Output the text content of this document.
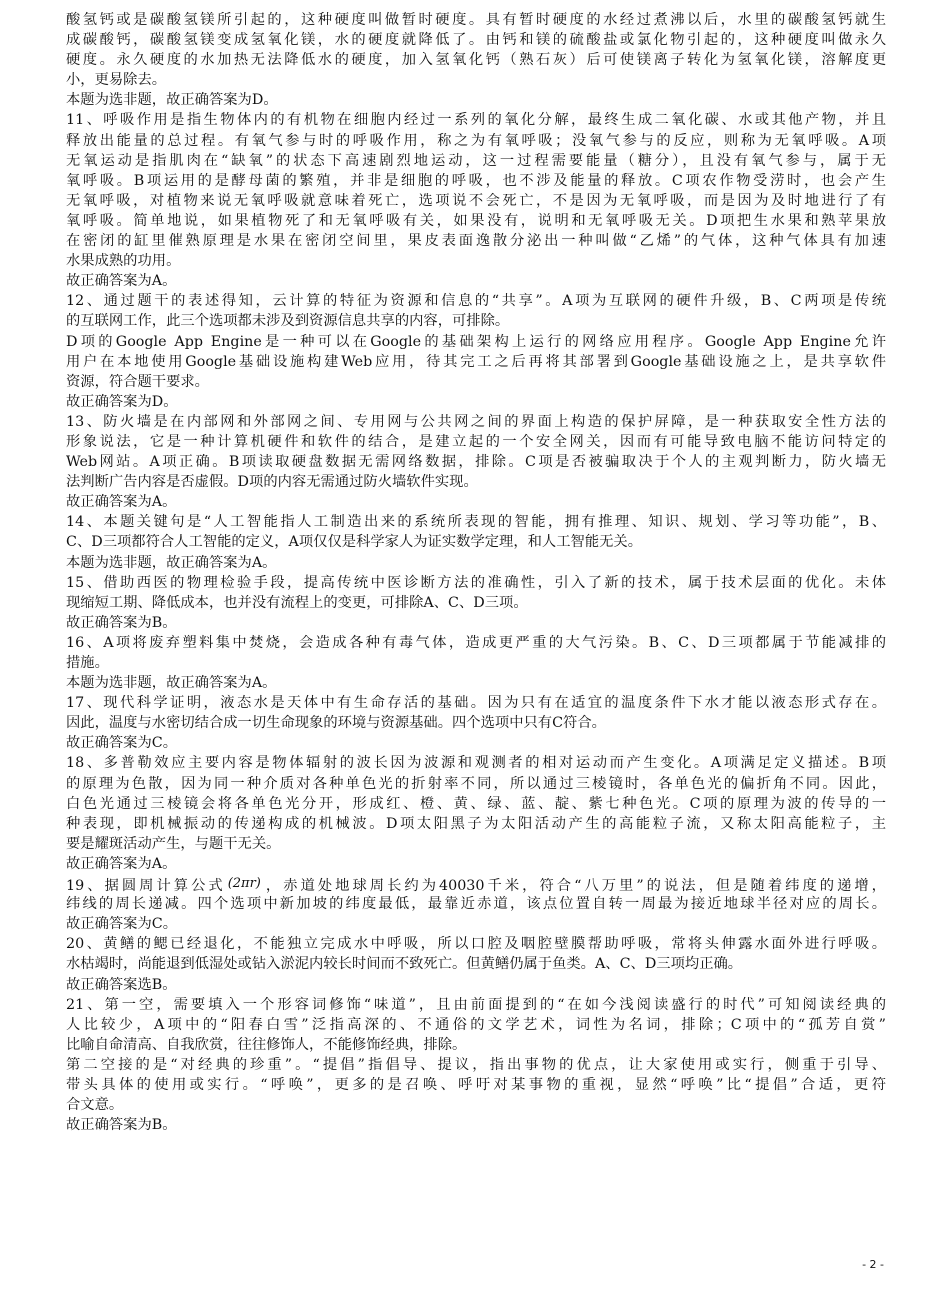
酸氢钙或是碳酸氢镁所引起的，这种硬度叫做暂时硬度。具有暂时硬度的水经过煮沸以后，水里的碳酸氢钙就生
成碳酸钙，碳酸氢镁变成氢氧化镁，水的硬度就降低了。由钙和镁的硫酸盐或氯化物引起的，这种硬度叫做永久
硬度。永久硬度的水加热无法降低水的硬度，加入氢氧化钙（熟石灰）后可使镁离子转化为氢氧化镁，溶解度更
小，更易除去。
本题为选非题，故正确答案为D。
11、呼吸作用是指生物体内的有机物在细胞内经过一系列的氧化分解，最终生成二氧化碳、水或其他产物，并且
释放出能量的总过程。有氧气参与时的呼吸作用，称之为有氧呼吸；没氧气参与的反应，则称为无氧呼吸。A项
无氧运动是指肌肉在“缺氧”的状态下高速剧烈地运动，这一过程需要能量（糖分），且没有氧气参与，属于无
氧呼吸。B项运用的是酵母菌的繁殖，并非是细胞的呼吸，也不涉及能量的释放。C项农作物受涝时，也会产生
无氧呼吸，对植物来说无氧呼吸就意味着死亡，选项说不会死亡，不是因为无氧呼吸，而是因为及时地进行了有
氧呼吸。简单地说，如果植物死了和无氧呼吸有关，如果没有，说明和无氧呼吸无关。D项把生水果和熟苹果放
在密闭的缸里催熟原理是水果在密闭空间里，果皮表面逸散分泌出一种叫做“乙烯”的气体，这种气体具有加速
水果成熟的功用。
故正确答案为A。
12、通过题干的表述得知，云计算的特征为资源和信息的“共享”。A项为互联网的硬件升级，B、C两项是传统
的互联网工作，此三个选项都未涉及到资源信息共享的内容，可排除。
D项的Google App Engine是一种可以在Google的基础架构上运行的网络应用程序。Google App Engine允许
用户在本地使用Google基础设施构建Web应用，待其完工之后再将其部署到Google基础设施之上，是共享软件
资源，符合题干要求。
故正确答案为D。
13、防火墙是在内部网和外部网之间、专用网与公共网之间的界面上构造的保护屏障，是一种获取安全性方法的
形象说法，它是一种计算机硬件和软件的结合，是建立起的一个安全网关，因而有可能导致电脑不能访问特定的
Web网站。A项正确。B项读取硬盘数据无需网络数据，排除。C项是否被骗取决于个人的主观判断力，防火墙无
法判断广告内容是否虚假。D项的内容无需通过防火墙软件实现。
故正确答案为A。
14、本题关键句是“人工智能指人工制造出来的系统所表现的智能，拥有推理、知识、规划、学习等功能”，B、
C、D三项都符合人工智能的定义，A项仅仅是科学家人为证实数学定理，和人工智能无关。
本题为选非题，故正确答案为A。
15、借助西医的物理检验手段，提高传统中医诊断方法的准确性，引入了新的技术，属于技术层面的优化。未体
现缩短工期、降低成本，也并没有流程上的变更，可排除A、C、D三项。
故正确答案为B。
16、A项将废弃塑料集中焚烧，会造成各种有毒气体，造成更严重的大气污染。B、C、D三项都属于节能减排的
措施。
本题为选非题，故正确答案为A。
17、现代科学证明，液态水是天体中有生命存活的基础。因为只有在适宜的温度条件下水才能以液态形式存在。
因此，温度与水密切结合成一切生命现象的环境与资源基础。四个选项中只有C符合。
故正确答案为C。
18、多普勒效应主要内容是物体辐射的波长因为波源和观测者的相对运动而产生变化。A项满足定义描述。B项
的原理为色散，因为同一种介质对各种单色光的折射率不同，所以通过三棱镜时，各单色光的偏折角不同。因此，
白色光通过三棱镜会将各单色光分开，形成红、橙、黄、绿、蓝、靛、紫七种色光。C项的原理为波的传导的一
种表现，即机械振动的传递构成的机械波。D项太阳黑子为太阳活动产生的高能粒子流，又称太阳高能粒子，主
要是耀斑活动产生，与题干无关。
故正确答案为A。
19、据圆周计算公式 (2πr) ，赤道处地球周长约为40030千米，符合“八万里”的说法，但是随着纬度的递增，
纬线的周长递减。四个选项中新加坡的纬度最低，最靠近赤道，该点位置自转一周最为接近地球半径对应的周长。
故正确答案为C。
20、黄鳝的鳃已经退化，不能独立完成水中呼吸，所以口腔及咽腔壁膜帮助呼吸，常将头伸露水面外进行呼吸。
水枯竭时，尚能退到低湿处或钻入淤泥内较长时间而不致死亡。但黄鳝仍属于鱼类。A、C、D三项均正确。
故正确答案选B。
21、第一空，需要填入一个形容词修饰“味道”，且由前面提到的“在如今浅阅读盛行的时代”可知阅读经典的
人比较少，A项中的“阳春白雪”泛指高深的、不通俗的文学艺术，词性为名词，排除；C项中的“孤芳自赏”
比喻自命清高、自我欣赏，往往修饰人，不能修饰经典，排除。
第二空接的是“对经典的珍重”。“提倡”指倡导、提议，指出事物的优点，让大家使用或实行，侧重于引导、
带头具体的使用或实行。“呼唤”，更多的是召唤、呼吁对某事物的重视，显然“呼唤”比“提倡”合适，更符
合文意。
故正确答案为B。
- 2 -
